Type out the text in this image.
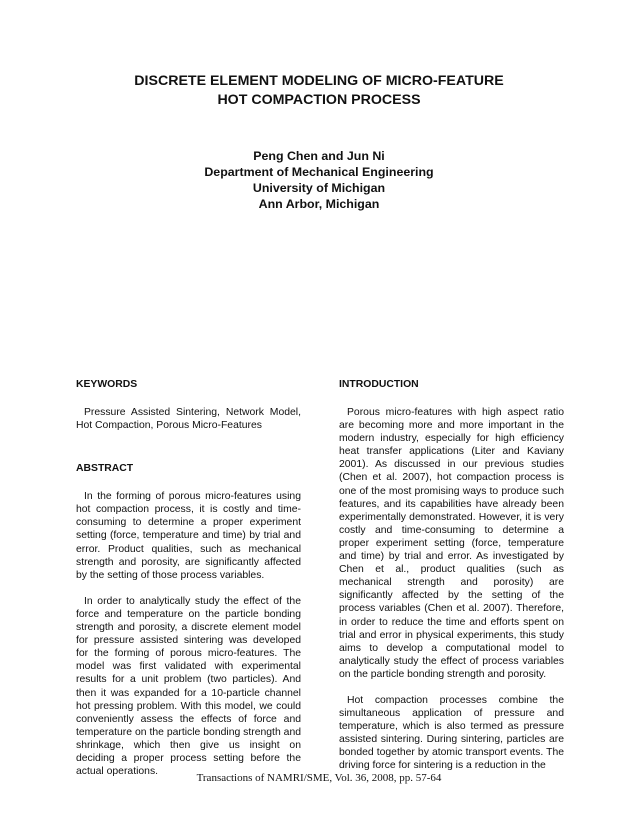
DISCRETE ELEMENT MODELING OF MICRO-FEATURE
HOT COMPACTION PROCESS
Peng Chen and Jun Ni
Department of Mechanical Engineering
University of Michigan
Ann Arbor, Michigan
KEYWORDS

Pressure Assisted Sintering, Network Model, Hot Compaction, Porous Micro-Features

ABSTRACT

In the forming of porous micro-features using hot compaction process, it is costly and time-consuming to determine a proper experiment setting (force, temperature and time) by trial and error. Product qualities, such as mechanical strength and porosity, are significantly affected by the setting of those process variables.

In order to analytically study the effect of the force and temperature on the particle bonding strength and porosity, a discrete element model for pressure assisted sintering was developed for the forming of porous micro-features. The model was first validated with experimental results for a unit problem (two particles). And then it was expanded for a 10-particle channel hot pressing problem. With this model, we could conveniently assess the effects of force and temperature on the particle bonding strength and shrinkage, which then give us insight on deciding a proper process setting before the actual operations.

INTRODUCTION

Porous micro-features with high aspect ratio are becoming more and more important in the modern industry, especially for high efficiency heat transfer applications (Liter and Kaviany 2001). As discussed in our previous studies (Chen et al. 2007), hot compaction process is one of the most promising ways to produce such features, and its capabilities have already been experimentally demonstrated. However, it is very costly and time-consuming to determine a proper experiment setting (force, temperature and time) by trial and error. As investigated by Chen et al., product qualities (such as mechanical strength and porosity) are significantly affected by the setting of the process variables (Chen et al. 2007). Therefore, in order to reduce the time and efforts spent on trial and error in physical experiments, this study aims to develop a computational model to analytically study the effect of process variables on the particle bonding strength and porosity.

Hot compaction processes combine the simultaneous application of pressure and temperature, which is also termed as pressure assisted sintering. During sintering, particles are bonded together by atomic transport events. The driving force for sintering is a reduction in the

Transactions of NAMRI/SME, Vol. 36, 2008, pp. 57-64
